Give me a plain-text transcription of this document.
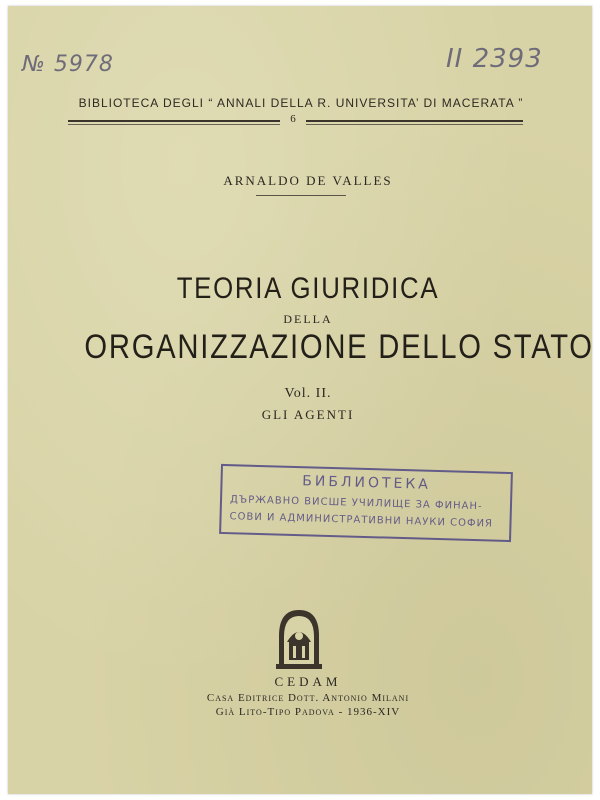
№ 5978	II 2393
BIBLIOTECA DEGLI “ ANNALI DELLA R. UNIVERSITA’ DI MACERATA ”
6
ARNALDO DE VALLES
TEORIA GIURIDICA
DELLA
ORGANIZZAZIONE DELLO STATO
Vol. II.
GLI AGENTI
БИБЛИОТЕКА
ДЪРЖАВНО ВИСШЕ УЧИЛИЩЕ ЗА ФИНАН-
СОВИ И АДМИНИСТРАТИВНИ НАУКИ СОФИЯ
CEDAM
Casa Editrice Dott. Antonio Milani
Già Lito-Tipo Padova - 1936-XIV
